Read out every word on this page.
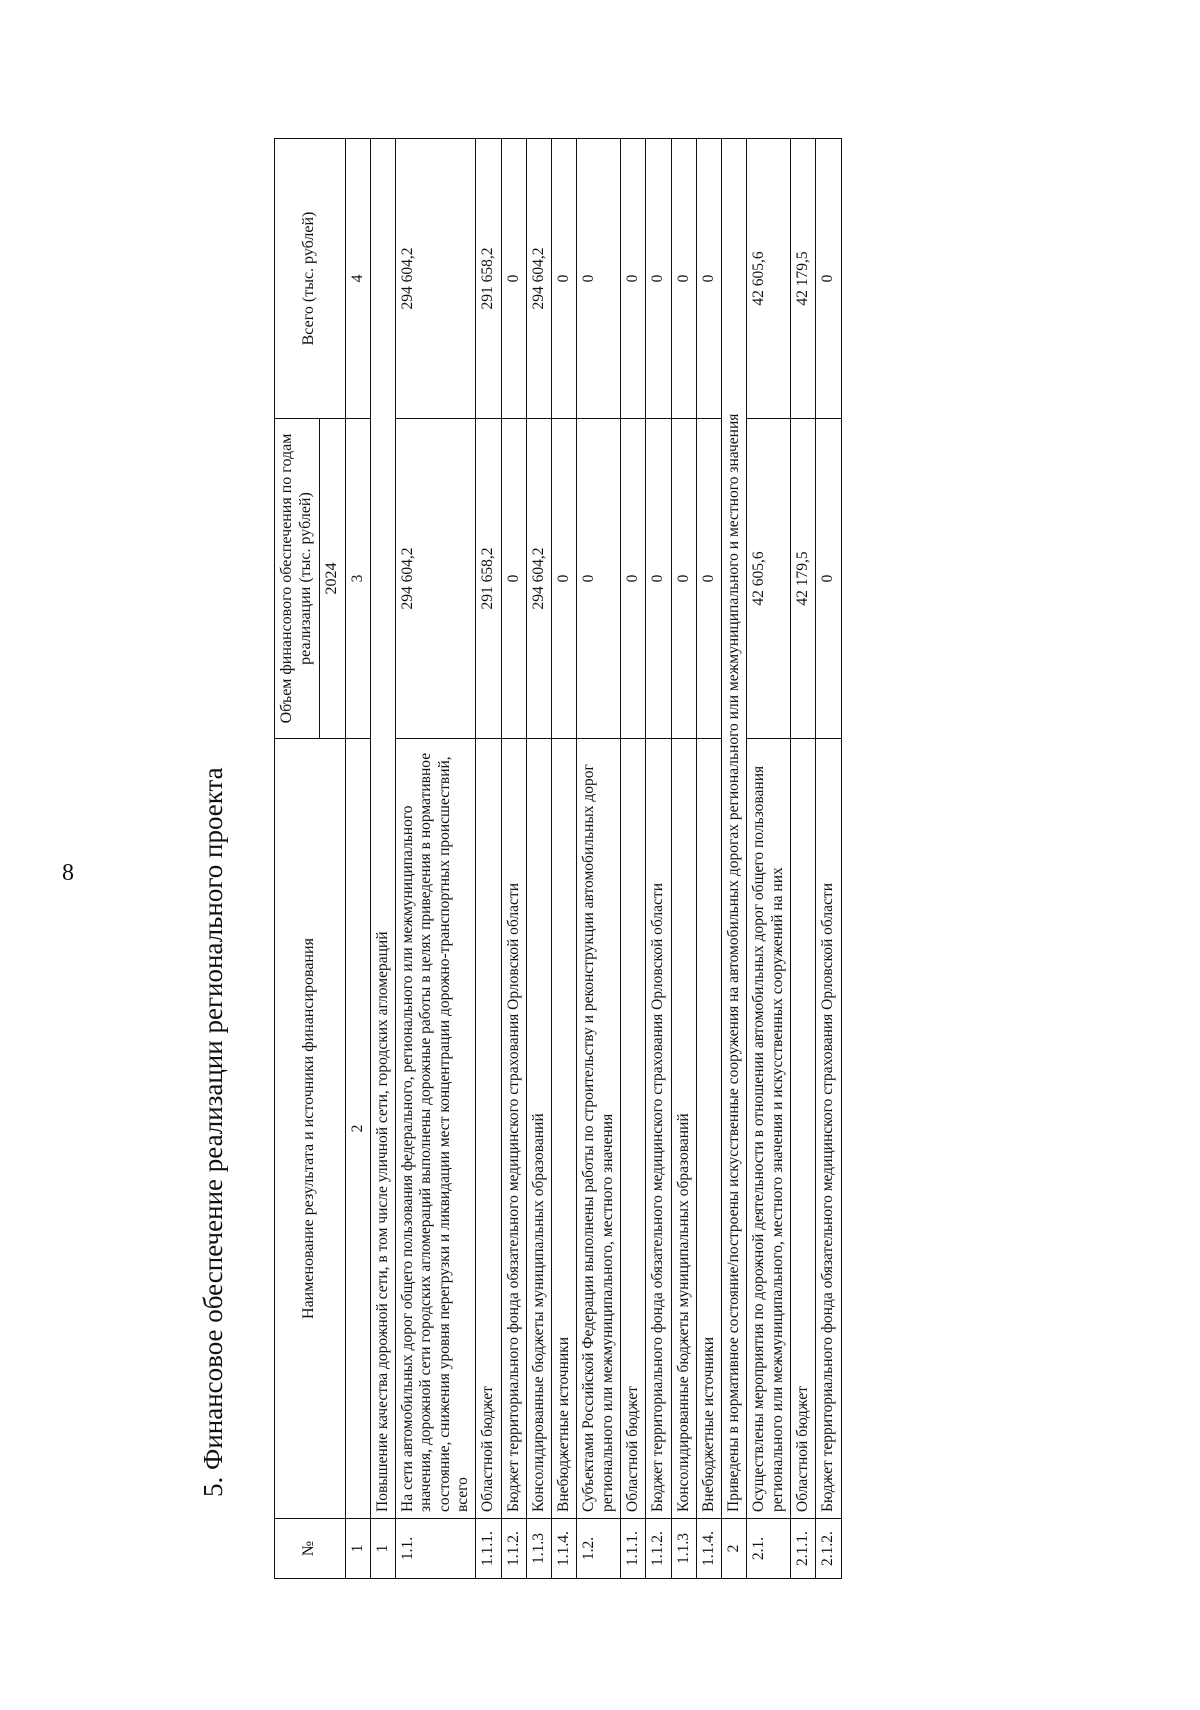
8	5. Финансовое обеспечение реализации регионального проекта
№	Наименование результата и источники финансирования	Объем финансового обеспечения по годам реализации (тыс. рублей)	Всего (тыс. рублей)
		2024	
1	2	3	4
1	Повышение качества дорожной сети, в том числе уличной сети, городских агломераций		
1.1.	На сети автомобильных дорог общего пользования федерального, регионального или межмуниципального значения, дорожной сети городских агломераций выполнены дорожные работы в целях приведения в нормативное состояние, снижения уровня перегрузки и ликвидации мест концентрации дорожно-транспортных происшествий, всего	294 604,2	294 604,2
1.1.1.	Областной бюджет	291 658,2	291 658,2
1.1.2.	Бюджет территориального фонда обязательного медицинского страхования Орловской области	0	0
1.1.3	Консолидированные бюджеты муниципальных образований	294 604,2	294 604,2
1.1.4.	Внебюджетные источники	0	0
1.2.	Субъектами Российской Федерации выполнены работы по строительству и реконструкции автомобильных дорог регионального или межмуниципального, местного значения	0	0
1.1.1.	Областной бюджет	0	0
1.1.2.	Бюджет территориального фонда обязательного медицинского страхования Орловской области	0	0
1.1.3	Консолидированные бюджеты муниципальных образований	0	0
1.1.4.	Внебюджетные источники	0	0
2	Приведены в нормативное состояние/построены искусственные сооружения на автомобильных дорогах регионального или межмуниципального и местного значения		
2.1.	Осуществлены мероприятия по дорожной деятельности в отношении автомобильных дорог общего пользования регионального или межмуниципального, местного значения и искусственных сооружений на них	42 605,6	42 605,6
2.1.1.	Областной бюджет	42 179,5	42 179,5
2.1.2.	Бюджет территориального фонда обязательного медицинского страхования Орловской области	0	0
